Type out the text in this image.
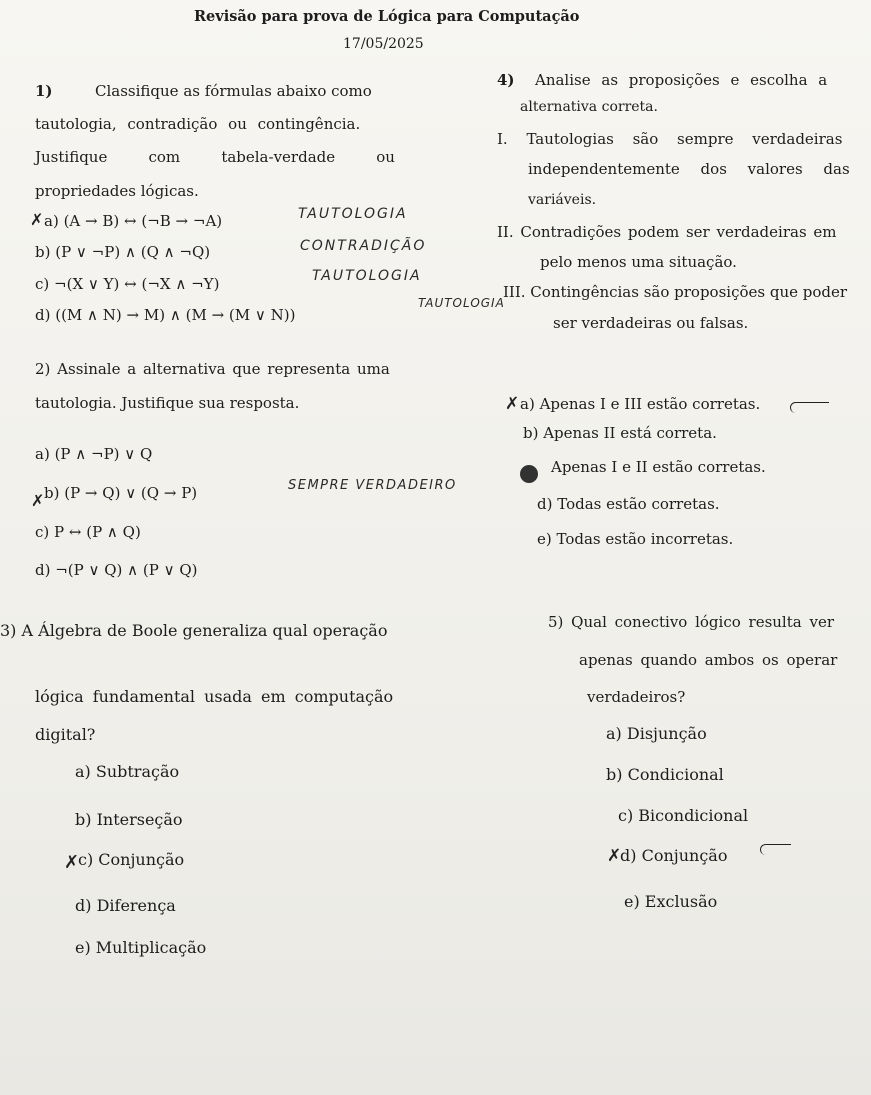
Revisão para prova de Lógica para Computação
17/05/2025
1)	Classifique as fórmulas abaixo como
tautologia, contradição ou contingência.
Justifique	com	tabela-verdade	ou
propriedades lógicas.
✗ a) (A → B) ↔ (¬B → ¬A)	TAUTOLOGIA
b) (P ∨ ¬P) ∧ (Q ∧ ¬Q)	CONTRADIÇÃO
c) ¬(X ∨ Y) ↔ (¬X ∧ ¬Y)	TAUTOLOGIA
d) ((M ∧ N) → M) ∧ (M → (M ∨ N))
TAUTOLOGIA
2) Assinale a alternativa que representa uma
tautologia. Justifique sua resposta.
a) (P ∧ ¬P) ∨ Q
✗ b) (P → Q) ∨ (Q → P)	SEMPRE VERDADEIRO
c) P ↔ (P ∧ Q)
d) ¬(P ∨ Q) ∧ (P ∨ Q)
3) A Álgebra de Boole generaliza qual operação
lógica fundamental usada em computação
digital?
a) Subtração
b) Interseção
✗
c) Conjunção
d) Diferença
e) Multiplicação
4) Analise as proposições e escolha a
alternativa correta.
I. Tautologias são sempre verdadeiras
independentemente dos valores das
variáveis.
II. Contradições podem ser verdadeiras em
pelo menos uma situação.
III. Contingências são proposições que poder
ser verdadeiras ou falsas.
✗ a) Apenas I e III estão corretas.
b) Apenas II está correta.
Apenas I e II estão corretas.
d) Todas estão corretas.
e) Todas estão incorretas.
5) Qual conectivo lógico resulta ver
apenas quando ambos os operar
verdadeiros?
a) Disjunção
b) Condicional
c) Bicondicional
✗
d) Conjunção
e) Exclusão
